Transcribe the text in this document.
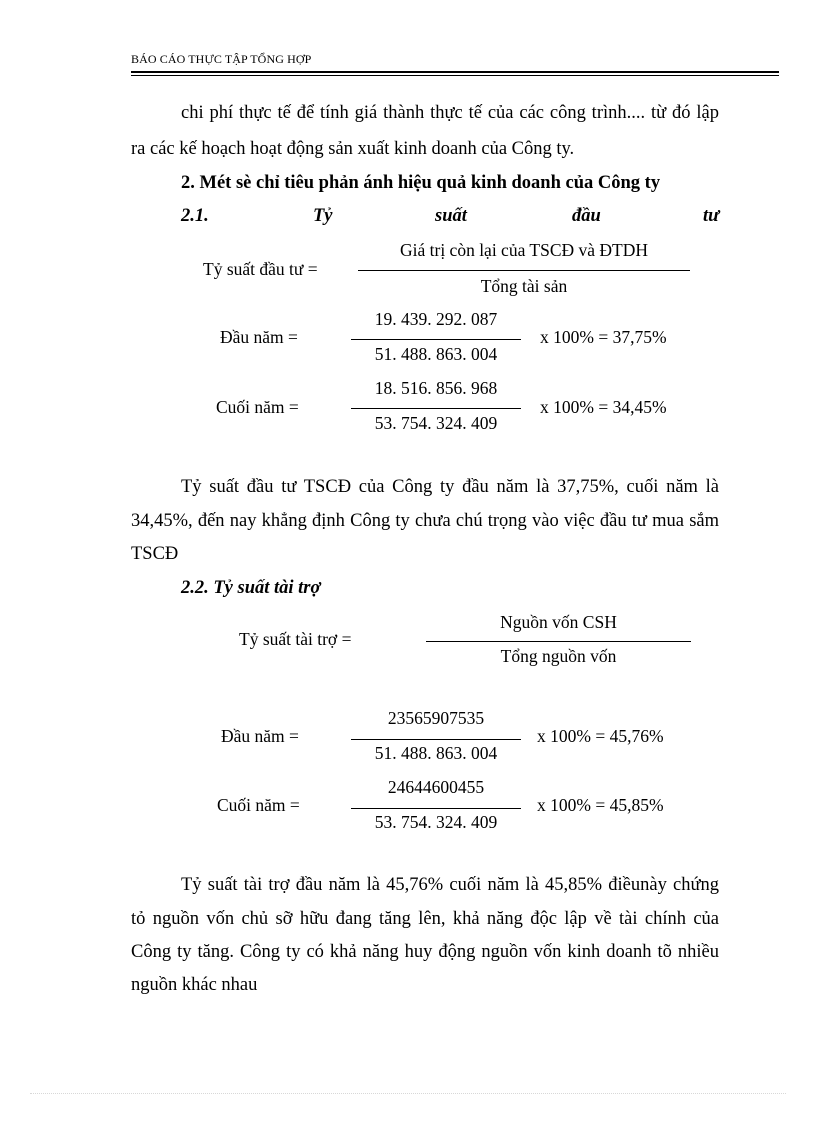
BÁO CÁO THỰC TẬP TỔNG HỢP
chi phí thực tế để tính giá thành thực tế của các công trình.... từ đó lập
ra các kế hoạch hoạt động sản xuất kinh doanh của Công ty.
2. Mét sè chỉ tiêu phản ánh hiệu quả kinh doanh của Công ty
2.1.	Tỷ	suất	đầu	tư
Tỷ suất đầu tư =
Giá trị còn lại của TSCĐ và ĐTDH
Tổng tài sản
Đầu năm =
19. 439. 292. 087
51. 488. 863. 004
x 100% = 37,75%
Cuối năm =
18. 516. 856. 968
53. 754. 324. 409
x 100% = 34,45%
Tỷ suất đầu tư TSCĐ của Công ty đầu năm là 37,75%, cuối năm là
34,45%, đến nay khẳng định Công ty chưa chú trọng vào việc đầu tư mua sắm
TSCĐ
2.2. Tỷ suất tài trợ
Tỷ suất tài trợ =
Nguồn vốn CSH
Tổng nguồn vốn
Đầu năm =
23565907535
51. 488. 863. 004
x 100% = 45,76%
Cuối năm =
24644600455
53. 754. 324. 409
x 100% = 45,85%
Tỷ suất tài trợ đầu năm là 45,76% cuối năm là 45,85% điềunày chứng
tỏ nguồn vốn chủ sỡ hữu đang tăng lên, khả năng độc lập về tài chính của
Công ty tăng. Công ty có khả năng huy động nguồn vốn kinh doanh tõ nhiều
nguồn khác nhau
